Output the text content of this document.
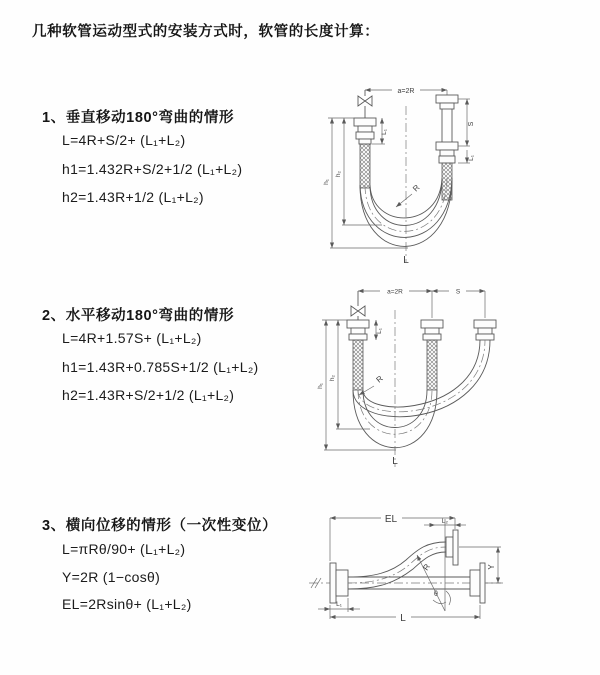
几种软管运动型式的安装方式时，软管的长度计算：
1、垂直移动180°弯曲的情形
L=4R+S/2+ (L₁+L₂)
h1=1.432R+S/2+1/2 (L₁+L₂)
h2=1.43R+1/2 (L₁+L₂)
2、水平移动180°弯曲的情形
L=4R+1.57S+ (L₁+L₂)
h1=1.43R+0.785S+1/2 (L₁+L₂)
h2=1.43R+S/2+1/2 (L₁+L₂)
3、横向位移的情形（一次性变位）
L=πRθ/90+ (L₁+L₂)
Y=2R (1−cosθ)
EL=2Rsinθ+ (L₁+L₂)
a=2R
R
h₁
h₂
L₁
S
L₁
L
a=2R	S
R
h₁
h₂
L₁
L
EL	L₂
Y
θ
R
L₁
L
